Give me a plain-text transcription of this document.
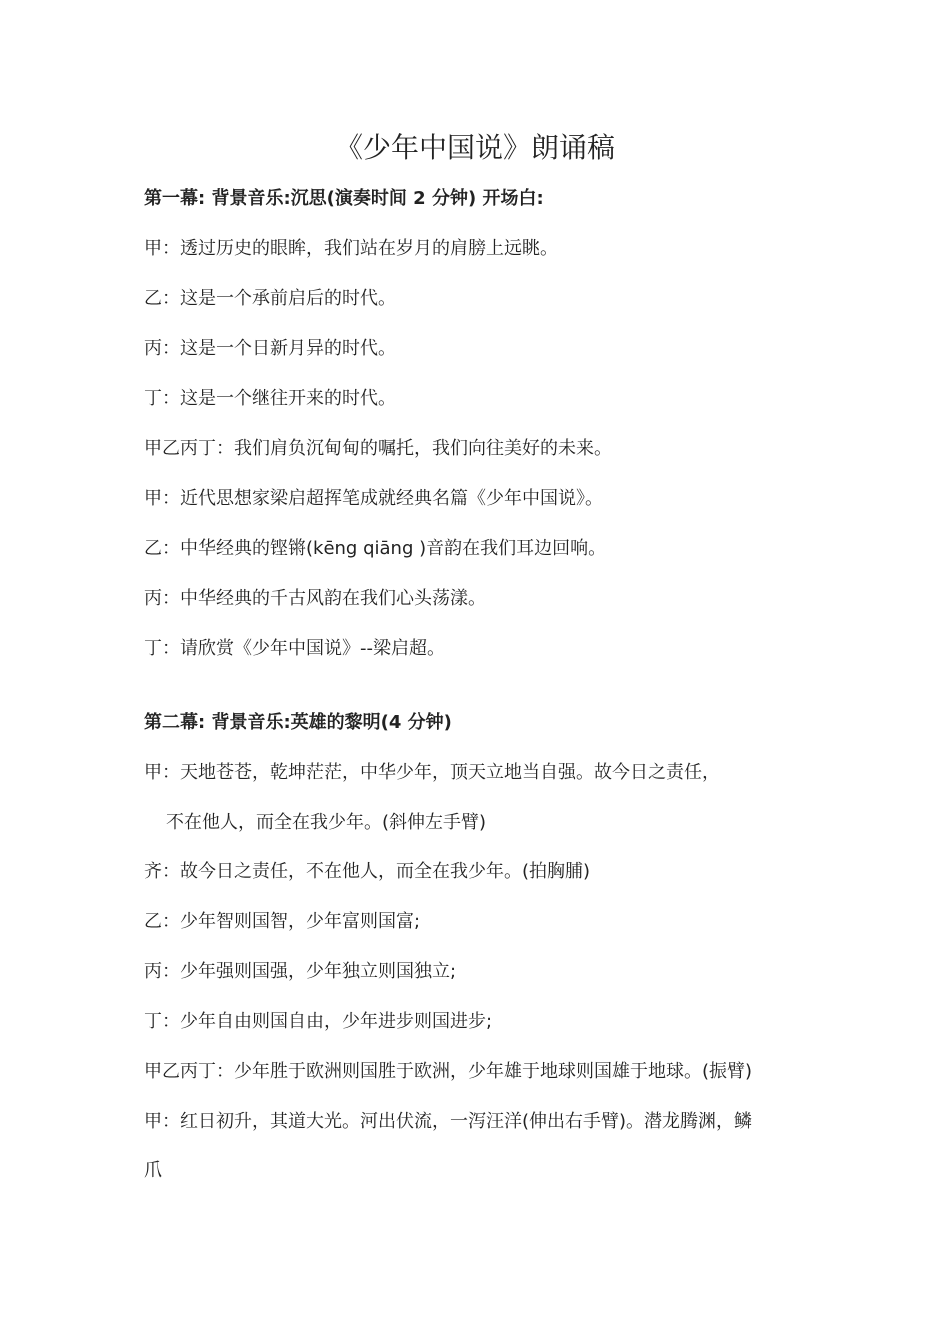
《少年中国说》朗诵稿
第一幕: 背景音乐:沉思(演奏时间 2 分钟) 开场白:
甲：透过历史的眼眸，我们站在岁月的肩膀上远眺。
乙：这是一个承前启后的时代。
丙：这是一个日新月异的时代。
丁：这是一个继往开来的时代。
甲乙丙丁：我们肩负沉甸甸的嘱托，我们向往美好的未来。
甲：近代思想家梁启超挥笔成就经典名篇《少年中国说》。
乙：中华经典的铿锵(kēng qiāng )音韵在我们耳边回响。
丙：中华经典的千古风韵在我们心头荡漾。
丁：请欣赏《少年中国说》--梁启超。
第二幕: 背景音乐:英雄的黎明(4 分钟)
甲：天地苍苍，乾坤茫茫，中华少年，顶天立地当自强。故今日之责任，
不在他人，而全在我少年。(斜伸左手臂)
齐：故今日之责任，不在他人，而全在我少年。(拍胸脯)
乙：少年智则国智，少年富则国富;
丙：少年强则国强，少年独立则国独立;
丁：少年自由则国自由，少年进步则国进步;
甲乙丙丁：少年胜于欧洲则国胜于欧洲，少年雄于地球则国雄于地球。(振臂)
甲：红日初升，其道大光。河出伏流，一泻汪洋(伸出右手臂)。潜龙腾渊，鳞
爪
